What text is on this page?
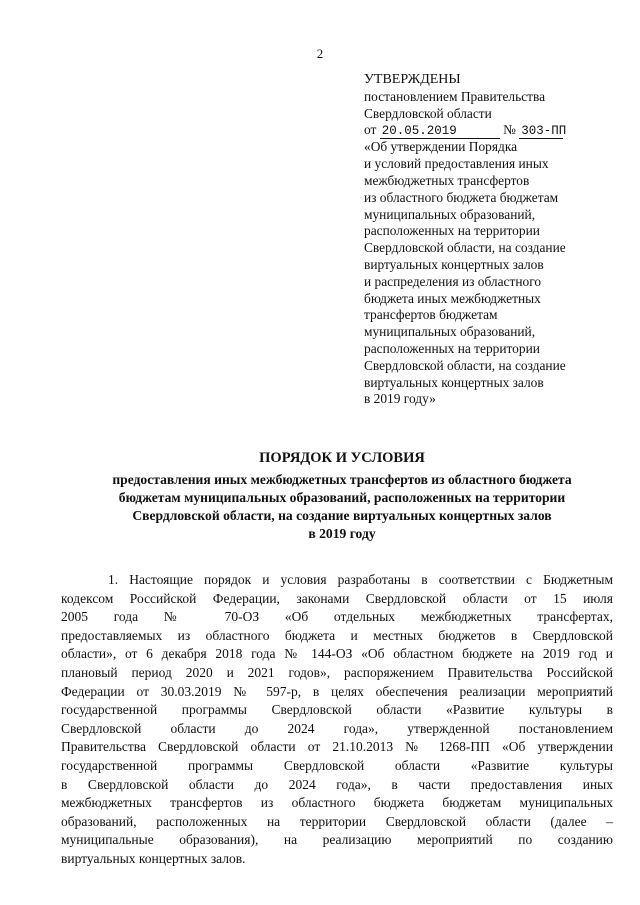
2
УТВЕРЖДЕНЫ
постановлением Правительства
Свердловской области
от 20.05.2019	№ 303-ПП
«Об утверждении Порядка
и условий предоставления иных
межбюджетных трансфертов
из областного бюджета бюджетам
муниципальных образований,
расположенных на территории
Свердловской области, на создание
виртуальных концертных залов
и распределения из областного
бюджета иных межбюджетных
трансфертов бюджетам
муниципальных образований,
расположенных на территории
Свердловской области, на создание
виртуальных концертных залов
в 2019 году»
ПОРЯДОК И УСЛОВИЯ
предоставления иных межбюджетных трансфертов из областного бюджета
бюджетам муниципальных образований, расположенных на территории
Свердловской области, на создание виртуальных концертных залов
в 2019 году
1. Настоящие порядок и условия разработаны в соответствии с Бюджетным
кодексом Российской Федерации, законами Свердловской области от 15 июля
2005 года № 70-ОЗ «Об отдельных межбюджетных трансфертах,
предоставляемых из областного бюджета и местных бюджетов в Свердловской
области», от 6 декабря 2018 года № 144-ОЗ «Об областном бюджете на 2019 год и
плановый период 2020 и 2021 годов», распоряжением Правительства Российской
Федерации от 30.03.2019 № 597-р, в целях обеспечения реализации мероприятий
государственной программы Свердловской области «Развитие культуры в
Свердловской области до 2024 года», утвержденной постановлением
Правительства Свердловской области от 21.10.2013 № 1268-ПП «Об утверждении
государственной программы Свердловской области «Развитие культуры
в Свердловской области до 2024 года», в части предоставления иных
межбюджетных трансфертов из областного бюджета бюджетам муниципальных
образований, расположенных на территории Свердловской области (далее –
муниципальные образования), на реализацию мероприятий по созданию
виртуальных концертных залов.
